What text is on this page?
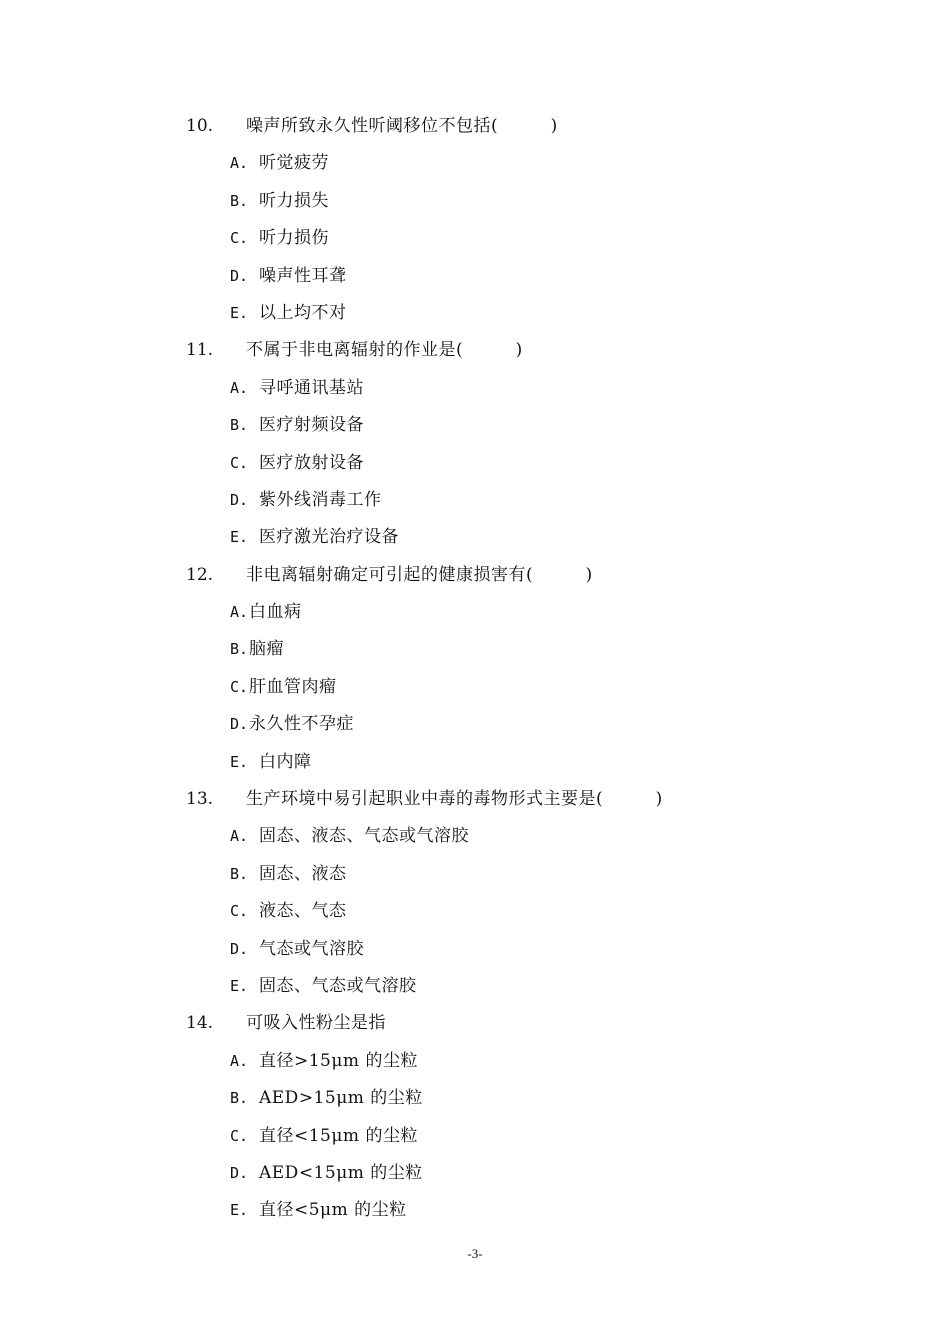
10. 噪声所致永久性听阈移位不包括(　　　)
A. 听觉疲劳
B. 听力损失
C. 听力损伤
D. 噪声性耳聋
E. 以上均不对
11. 不属于非电离辐射的作业是(　　　)
A. 寻呼通讯基站
B. 医疗射频设备
C. 医疗放射设备
D. 紫外线消毒工作
E. 医疗激光治疗设备
12. 非电离辐射确定可引起的健康损害有(　　　)
A. 白血病
B. 脑瘤
C. 肝血管肉瘤
D. 永久性不孕症
E. 白内障
13. 生产环境中易引起职业中毒的毒物形式主要是(　　　)
A. 固态、液态、气态或气溶胶
B. 固态、液态
C. 液态、气态
D. 气态或气溶胶
E. 固态、气态或气溶胶
14. 可吸入性粉尘是指
A. 直径>15μm 的尘粒
B. AED>15μm 的尘粒
C. 直径<15μm 的尘粒
D. AED<15μm 的尘粒
E. 直径<5μm 的尘粒
-3-
